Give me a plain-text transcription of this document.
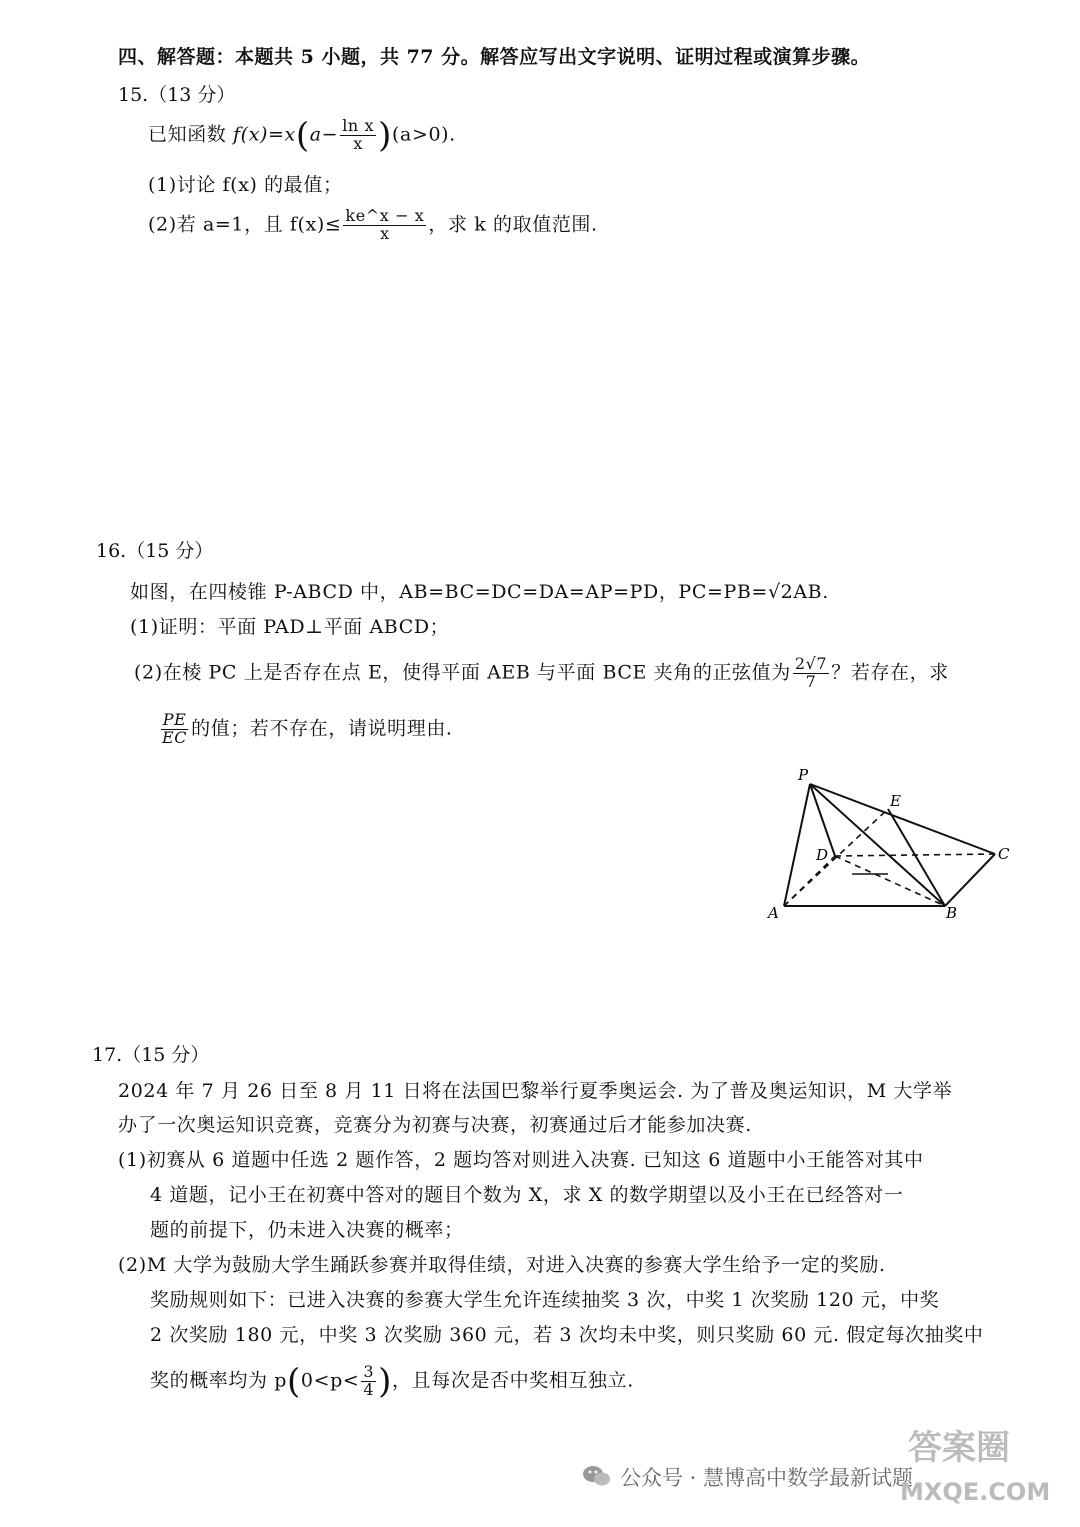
四、解答题：本题共 5 小题，共 77 分。解答应写出文字说明、证明过程或演算步骤。
15.（13 分）
已知函数 $f(x)=x(a- \frac{\text{ln x}}{x} )(a>0)$.
(1)讨论 f(x) 的最值；
(2)若 a=1，且 $f(x)\le \frac{ke\^{}x - x}{x}$ ，求 k 的取值范围.
16.（15 分）
如图，在四棱锥 P-ABCD 中，AB=BC=DC=DA=AP=PD，PC=PB=√2AB.
(1)证明：平面 PAD⊥平面 ABCD；
(2)在棱 PC 上是否存在点 E，使得平面 AEB 与平面 BCE 夹角的正弦值为 $\frac{2√7}{7}$ ？若存在，求
$\frac{PE}{EC}$ 的值；若不存在，请说明理由.
P
E
D	C
A	B
17.（15 分）
2024 年 7 月 26 日至 8 月 11 日将在法国巴黎举行夏季奥运会. 为了普及奥运知识，M 大学举
办了一次奥运知识竞赛，竞赛分为初赛与决赛，初赛通过后才能参加决赛.
(1)初赛从 6 道题中任选 2 题作答，2 题均答对则进入决赛. 已知这 6 道题中小王能答对其中
4 道题，记小王在初赛中答对的题目个数为 X，求 X 的数学期望以及小王在已经答对一
题的前提下，仍未进入决赛的概率；
(2)M 大学为鼓励大学生踊跃参赛并取得佳绩，对进入决赛的参赛大学生给予一定的奖励.
奖励规则如下：已进入决赛的参赛大学生允许连续抽奖 3 次，中奖 1 次奖励 120 元，中奖
2 次奖励 180 元，中奖 3 次奖励 360 元，若 3 次均未中奖，则只奖励 60 元. 假定每次抽奖中
奖的概率均为 $p(0<p< \frac{3}{4}$ )，且每次是否中奖相互独立.
公众号 · 慧博高中数学最新试题
答案圈
MXQE.COM
